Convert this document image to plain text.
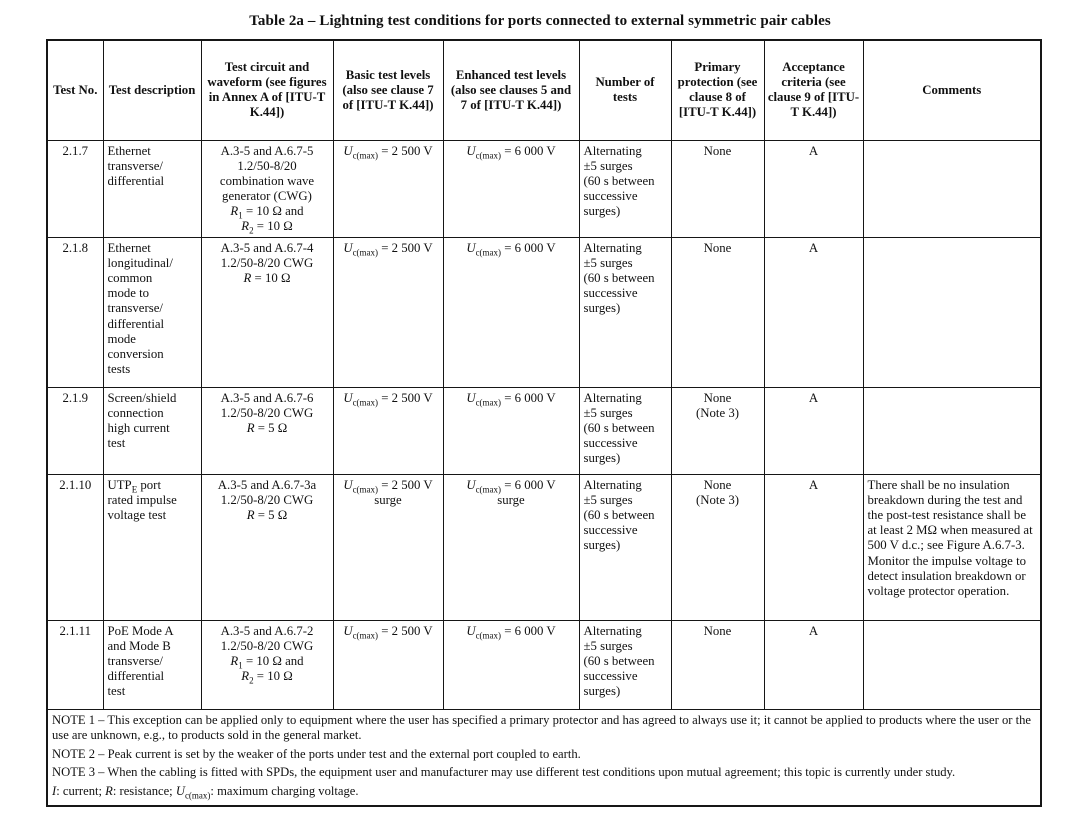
Table 2a – Lightning test conditions for ports connected to external symmetric pair cables
Test No.	Test description	Test circuit and waveform (see figures in Annex A of [ITU-T K.44])	Basic test levels (also see clause 7 of [ITU-T K.44])	Enhanced test levels (also see clauses 5 and 7 of [ITU-T K.44])	Number of tests	Primary protection (see clause 8 of [ITU-T K.44])	Acceptance criteria (see clause 9 of [ITU-T K.44])	Comments
2.1.7	Ethernet
transverse/
differential	A.3-5 and A.6.7-5
1.2/50-8/20 combination wave generator (CWG)
$R_1 = 10$ Ω and
$R_2 = 10$ Ω	$U_{c(max)} = 2$ 500 V	$U_{c(max)} = 6$ 000 V	Alternating
±5 surges
(60 s between successive surges)	None	A	
2.1.8	Ethernet
longitudinal/
common
mode to
transverse/
differential
mode
conversion
tests	A.3-5 and A.6.7-4
1.2/50-8/20 CWG
R = 10 Ω	$U_{c(max)} = 2$ 500 V	$U_{c(max)} = 6$ 000 V	Alternating
±5 surges
(60 s between successive surges)	None	A	
2.1.9	Screen/shield
connection
high current
test	A.3-5 and A.6.7-6
1.2/50-8/20 CWG
R = 5 Ω	$U_{c(max)} = 2$ 500 V	$U_{c(max)} = 6$ 000 V	Alternating
±5 surges
(60 s between successive surges)	None
(Note 3)	A	
2.1.10	$UTP_E$ port
rated impulse
voltage test	A.3-5 and A.6.7-3a
1.2/50-8/20 CWG
R = 5 Ω	$U_{c(max)} = 2$ 500 V
surge	$U_{c(max)} = 6$ 000 V
surge	Alternating
±5 surges
(60 s between successive surges)	None
(Note 3)	A	There shall be no insulation breakdown during the test and the post-test resistance shall be at least 2 MΩ when measured at 500 V d.c.; see Figure A.6.7-3. Monitor the impulse voltage to detect insulation breakdown or voltage protector operation.
2.1.11	PoE Mode A
and Mode B
transverse/
differential
test	A.3-5 and A.6.7-2
1.2/50-8/20 CWG
$R_1 = 10$ Ω and
$R_2 = 10$ Ω	$U_{c(max)} = 2$ 500 V	$U_{c(max)} = 6$ 000 V	Alternating
±5 surges
(60 s between successive surges)	None	A	

NOTE 1 – This exception can be applied only to equipment where the user has specified a primary protector and has agreed to always use it; it cannot be applied to products where the user or the use are unknown, e.g., to products sold in the general market.

NOTE 2 – Peak current is set by the weaker of the ports under test and the external port coupled to earth.

NOTE 3 – When the cabling is fitted with SPDs, the equipment user and manufacturer may use different test conditions upon mutual agreement; this topic is currently under study.

I: current; R: resistance; $U_{c(max)}$: maximum charging voltage.								
